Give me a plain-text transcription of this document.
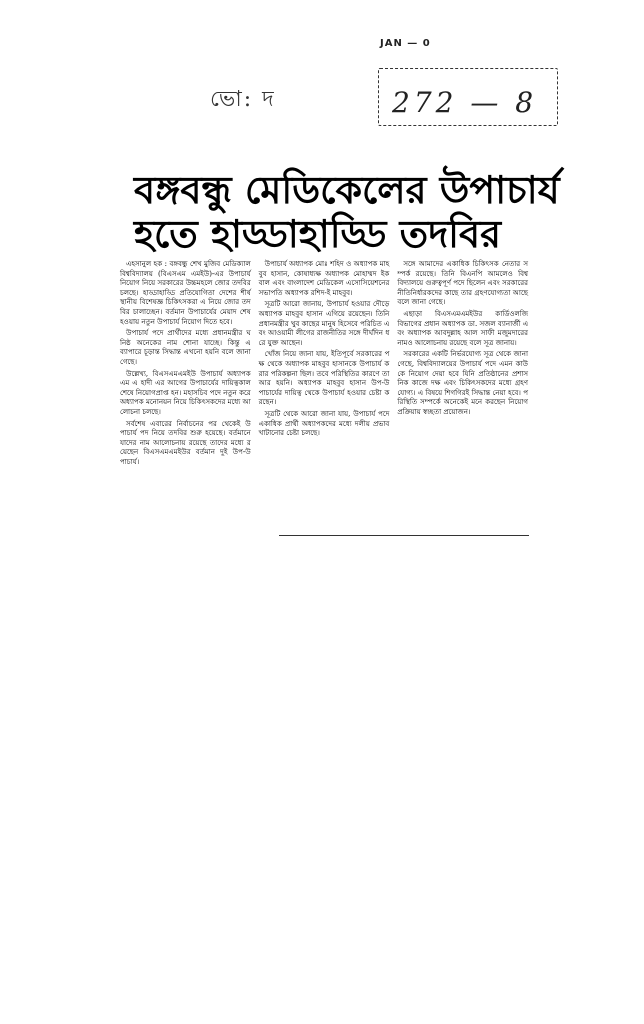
JAN — 0
ভো: দ	272 — 8
বঙ্গবন্ধু মেডিকেলের উপাচার্য
হতে হাড্ডাহাড্ডি তদবির

এহসানুল হক : বঙ্গবন্ধু শেখ মুজিব মেডিক্যাল বিশ্ববিদ্যালয় (বিএসএম এমইউ)-এর উপাচার্য নিয়োগ নিয়ে সরকারের উচ্চমহলে জোর তদবির চলছে। হাড্ডাহাড্ডি প্রতিযোগিতা দেশের শীর্ষস্থানীয় বিশেষজ্ঞ চিকিৎসকরা এ নিয়ে জোর তদবির চালাচ্ছেন। বর্তমান উপাচার্যের মেয়াদ শেষ হওয়ায় নতুন উপাচার্য নিয়োগ দিতে হবে।

উপাচার্য পদে প্রার্থীদের মধ্যে প্রধানমন্ত্রীর ঘনিষ্ঠ অনেকের নাম শোনা যাচ্ছে। কিন্তু এ ব্যাপারে চূড়ান্ত সিদ্ধান্ত এখনো হয়নি বলে জানা গেছে।

উল্লেখ্য, বিএসএমএমইউ উপাচার্য অধ্যাপক এম এ হাদী এর আগের উপাচার্যের দায়িত্বকাল শেষে নিয়োগপ্রাপ্ত হন। মহাসচিব পদে নতুন করে অধ্যাপক মনোনয়ন নিয়ে চিকিৎসকদের মধ্যে আলোচনা চলছে।

সর্বশেষ এবারের নির্বাচনের পর থেকেই উপাচার্য পদ নিয়ে তদবির শুরু হয়েছে। বর্তমানে যাদের নাম আলোচনায় রয়েছে তাদের মধ্যে রয়েছেন বিএসএমএমইউর বর্তমান দুই উপ-উপাচার্য।

উপাচার্য অধ্যাপক মোঃ শহিদ ও অধ্যাপক মাহবুব হাসান, কোষাধ্যক্ষ অধ্যাপক মোহাম্মদ ইকবাল এবং বাংলাদেশ মেডিকেল এসোসিয়েশনের সভাপতি অধ্যাপক রশিদ-ই মাহবুব।

সূত্রটি আরো জানায়, উপাচার্য হওয়ার দৌড়ে অধ্যাপক মাহবুব হাসান এগিয়ে রয়েছেন। তিনি প্রধানমন্ত্রীর খুব কাছের মানুষ হিসেবে পরিচিত এবং আওয়ামী লীগের রাজনীতির সঙ্গে দীর্ঘদিন ধরে যুক্ত আছেন।

খোঁজ নিয়ে জানা যায়, ইতিপূর্বে সরকারের পক্ষ থেকে অধ্যাপক মাহবুব হাসানকে উপাচার্য করার পরিকল্পনা ছিল। তবে পরিস্থিতির কারণে তা আর হয়নি। অধ্যাপক মাহবুব হাসান উপ-উপাচার্যের দায়িত্ব থেকে উপাচার্য হওয়ার চেষ্টা করছেন।

সূত্রটি থেকে আরো জানা যায়, উপাচার্য পদে একাধিক প্রার্থী অধ্যাপকদের মধ্যে দলীয় প্রভাব খাটানোর চেষ্টা চলছে।

সঙ্গে আমাদের একাধিক চিকিৎসক নেতার সম্পর্ক রয়েছে। তিনি বিএনপি আমলেও বিশ্ববিদ্যালয়ে গুরুত্বপূর্ণ পদে ছিলেন এবং সরকারের নীতিনির্ধারকদের কাছে তার গ্রহণযোগ্যতা আছে বলে জানা গেছে।

এছাড়া বিএসএমএমইউর কার্ডিওলজি বিভাগের প্রধান অধ্যাপক ডা. সজল ব্যানার্জী এবং অধ্যাপক আবদুল্লাহ আল সাফী মজুমদারের নামও আলোচনায় রয়েছে বলে সূত্র জানায়।

সরকারের একটি নির্ভরযোগ্য সূত্র থেকে জানা গেছে, বিশ্ববিদ্যালয়ের উপাচার্য পদে এমন কাউকে নিয়োগ দেয়া হবে যিনি প্রতিষ্ঠানের প্রশাসনিক কাজে দক্ষ এবং চিকিৎসকদের মধ্যে গ্রহণযোগ্য। এ বিষয়ে শিগগিরই সিদ্ধান্ত নেয়া হবে। পরিস্থিতি সম্পর্কে অনেকেই মনে করছেন নিয়োগ প্রক্রিয়ায় স্বচ্ছতা প্রয়োজন।
